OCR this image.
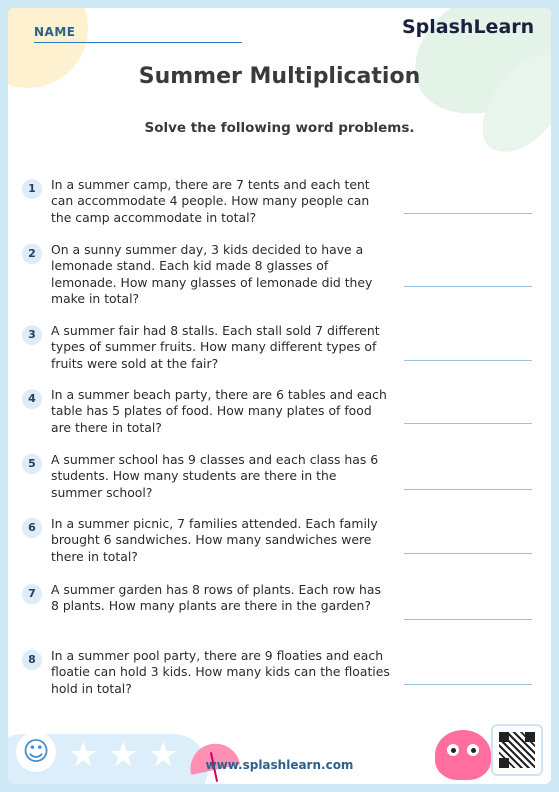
NAME	SplashLearn
Summer Multiplication
Solve the following word problems.
1	In a summer camp, there are 7 tents and each tent can accommodate 4 people. How many people can the camp accommodate in total?
2	On a sunny summer day, 3 kids decided to have a lemonade stand. Each kid made 8 glasses of lemonade. How many glasses of lemonade did they make in total?
3	A summer fair had 8 stalls. Each stall sold 7 different types of summer fruits. How many different types of fruits were sold at the fair?
4	In a summer beach party, there are 6 tables and each table has 5 plates of food. How many plates of food are there in total?
5	A summer school has 9 classes and each class has 6 students. How many students are there in the summer school?
6	In a summer picnic, 7 families attended. Each family brought 6 sandwiches. How many sandwiches were there in total?
7	A summer garden has 8 rows of plants. Each row has 8 plants. How many plants are there in the garden?
8	In a summer pool party, there are 9 floaties and each floatie can hold 3 kids. How many kids can the floaties hold in total?
☺ ★ ★ ★	www.splashlearn.com
